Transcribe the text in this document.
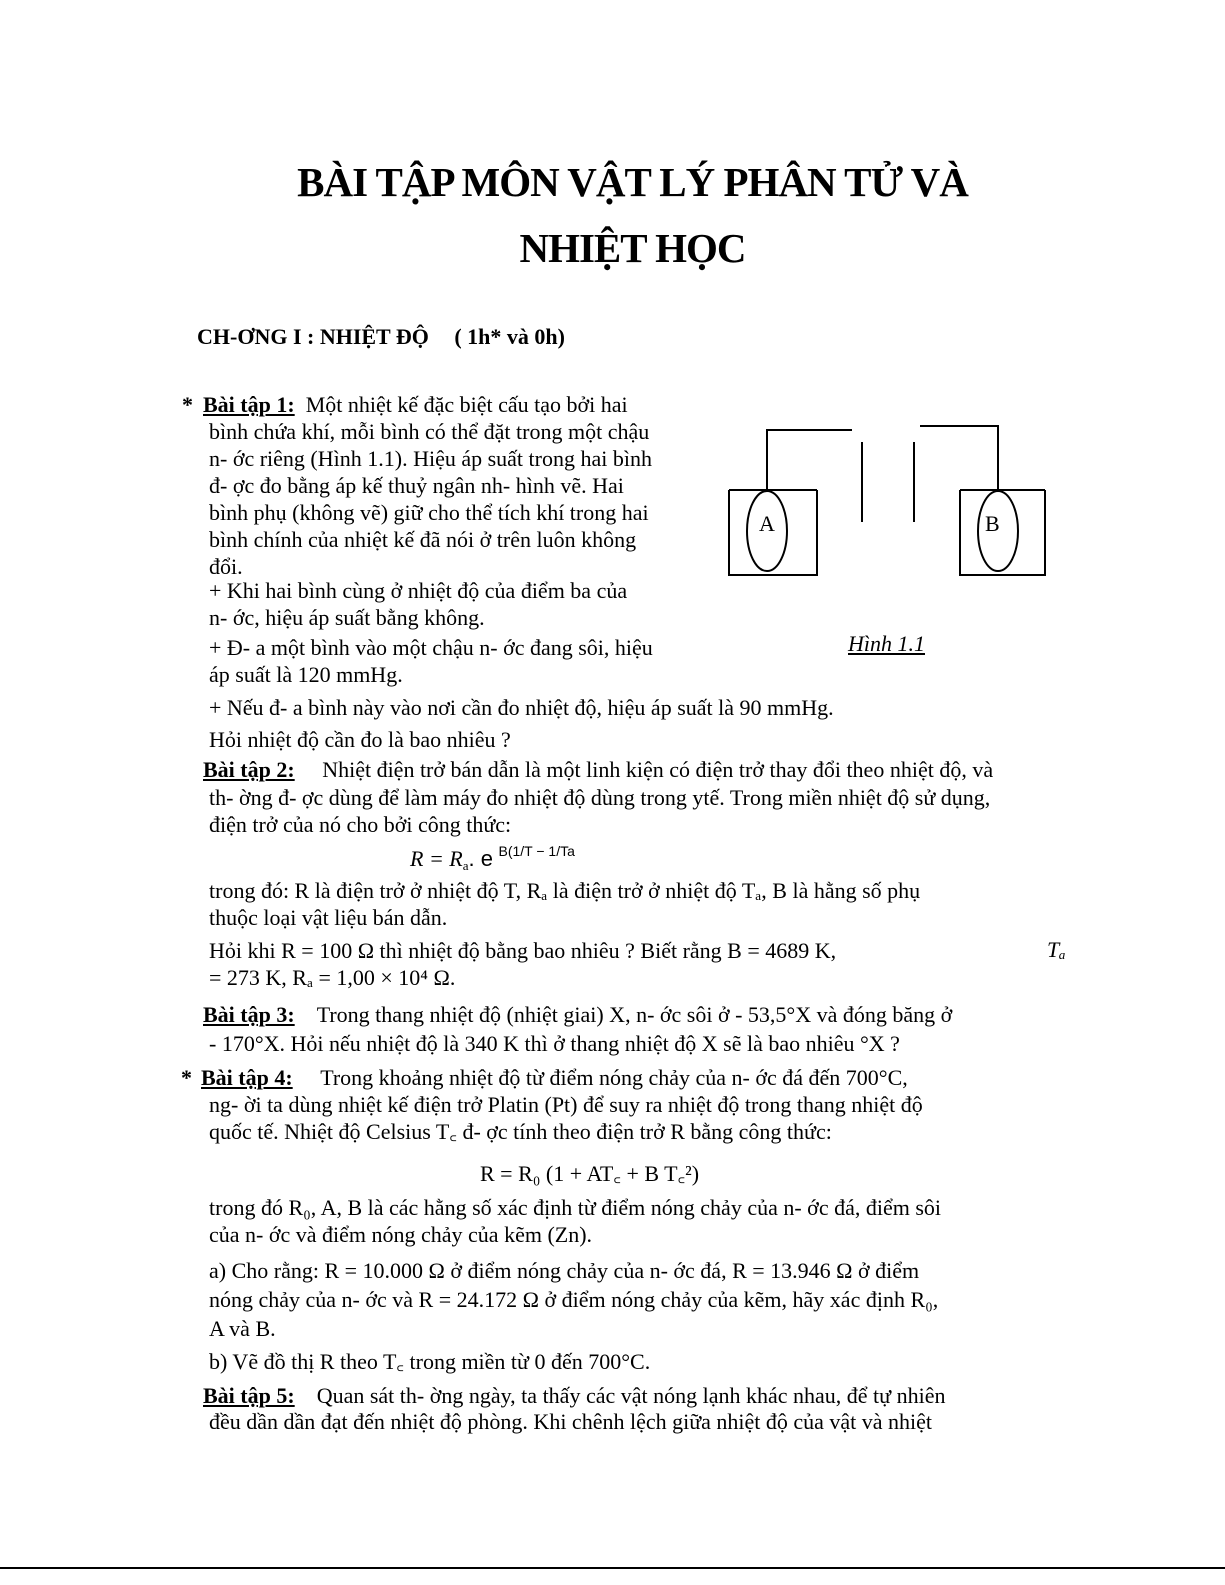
BÀI TẬP MÔN VẬT LÝ PHÂN TỬ VÀ
NHIỆT HỌC
CH-ƠNG I : NHIỆT ĐỘ ( 1h* và 0h)
* Bài tập 1: Một nhiệt kế đặc biệt cấu tạo bởi hai
bình chứa khí, mỗi bình có thể đặt trong một chậu
n- ớc riêng (Hình 1.1). Hiệu áp suất trong hai bình
đ- ợc đo bằng áp kế thuỷ ngân nh- hình vẽ. Hai
bình phụ (không vẽ) giữ cho thể tích khí trong hai
bình chính của nhiệt kế đã nói ở trên luôn không
đổi.
+ Khi hai bình cùng ở nhiệt độ của điểm ba của
n- ớc, hiệu áp suất bằng không.
+ Đ- a một bình vào một chậu n- ớc đang sôi, hiệu
áp suất là 120 mmHg.
+ Nếu đ- a bình này vào nơi cần đo nhiệt độ, hiệu áp suất là 90 mmHg.
Hỏi nhiệt độ cần đo là bao nhiêu ?
A	B
Hình 1.1
Bài tập 2: Nhiệt điện trở bán dẫn là một linh kiện có điện trở thay đổi theo nhiệt độ, và
th- ờng đ- ợc dùng để làm máy đo nhiệt độ dùng trong ytế. Trong miền nhiệt độ sử dụng,
điện trở của nó cho bởi công thức:
R = Ra. e $^{B(1/T - 1/Ta}$
trong đó: R là điện trở ở nhiệt độ T, Rₐ là điện trở ở nhiệt độ Tₐ, B là hằng số phụ
thuộc loại vật liệu bán dẫn.
Hỏi khi R = 100 Ω thì nhiệt độ bằng bao nhiêu ? Biết rằng B = 4689 K,
= 273 K, Rₐ = 1,00 × 10⁴ Ω.
Tₐ
Bài tập 3: Trong thang nhiệt độ (nhiệt giai) X, n- ớc sôi ở - 53,5°X và đóng băng ở
- 170°X. Hỏi nếu nhiệt độ là 340 K thì ở thang nhiệt độ X sẽ là bao nhiêu °X ?
* Bài tập 4: Trong khoảng nhiệt độ từ điểm nóng chảy của n- ớc đá đến 700°C,
ng- ời ta dùng nhiệt kế điện trở Platin (Pt) để suy ra nhiệt độ trong thang nhiệt độ
quốc tế. Nhiệt độ Celsius T꜀ đ- ợc tính theo điện trở R bằng công thức:
R = R₀ (1 + AT꜀ + B T꜀²)
trong đó R₀, A, B là các hằng số xác định từ điểm nóng chảy của n- ớc đá, điểm sôi
của n- ớc và điểm nóng chảy của kẽm (Zn).
a) Cho rằng: R = 10.000 Ω ở điểm nóng chảy của n- ớc đá, R = 13.946 Ω ở điểm
nóng chảy của n- ớc và R = 24.172 Ω ở điểm nóng chảy của kẽm, hãy xác định R₀,
A và B.
b) Vẽ đồ thị R theo T꜀ trong miền từ 0 đến 700°C.
Bài tập 5: Quan sát th- ờng ngày, ta thấy các vật nóng lạnh khác nhau, để tự nhiên
đều dần dần đạt đến nhiệt độ phòng. Khi chênh lệch giữa nhiệt độ của vật và nhiệt
